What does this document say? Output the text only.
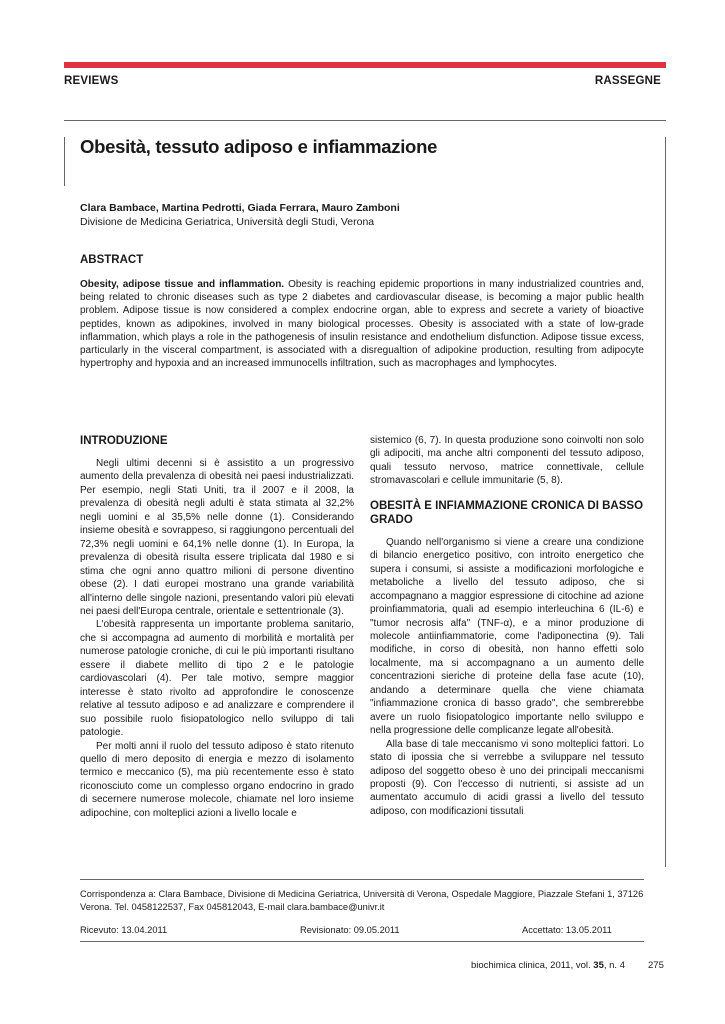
REVIEWS	RASSEGNE
Obesità, tessuto adiposo e infiammazione
Clara Bambace, Martina Pedrotti, Giada Ferrara, Mauro Zamboni
Divisione de Medicina Geriatrica, Università degli Studi, Verona
ABSTRACT
Obesity, adipose tissue and inflammation. Obesity is reaching epidemic proportions in many industrialized countries and, being related to chronic diseases such as type 2 diabetes and cardiovascular disease, is becoming a major public health problem. Adipose tissue is now considered a complex endocrine organ, able to express and secrete a variety of bioactive peptides, known as adipokines, involved in many biological processes. Obesity is associated with a state of low-grade inflammation, which plays a role in the pathogenesis of insulin resistance and endothelium disfunction. Adipose tissue excess, particularly in the visceral compartment, is associated with a disregualtion of adipokine production, resulting from adipocyte hypertrophy and hypoxia and an increased immunocells infiltration, such as macrophages and lymphocytes.
INTRODUZIONE

Negli ultimi decenni si è assistito a un progressivo aumento della prevalenza di obesità nei paesi industrializzati. Per esempio, negli Stati Uniti, tra il 2007 e il 2008, la prevalenza di obesità negli adulti è stata stimata al 32,2% negli uomini e al 35,5% nelle donne (1). Considerando insieme obesità e sovrappeso, si raggiungono percentuali del 72,3% negli uomini e 64,1% nelle donne (1). In Europa, la prevalenza di obesità risulta essere triplicata dal 1980 e si stima che ogni anno quattro milioni di persone diventino obese (2). I dati europei mostrano una grande variabilità all'interno delle singole nazioni, presentando valori più elevati nei paesi dell'Europa centrale, orientale e settentrionale (3).

L'obesità rappresenta un importante problema sanitario, che si accompagna ad aumento di morbilità e mortalità per numerose patologie croniche, di cui le più importanti risultano essere il diabete mellito di tipo 2 e le patologie cardiovascolari (4). Per tale motivo, sempre maggior interesse è stato rivolto ad approfondire le conoscenze relative al tessuto adiposo e ad analizzare e comprendere il suo possibile ruolo fisiopatologico nello sviluppo di tali patologie.

Per molti anni il ruolo del tessuto adiposo è stato ritenuto quello di mero deposito di energia e mezzo di isolamento termico e meccanico (5), ma più recentemente esso è stato riconosciuto come un complesso organo endocrino in grado di secernere numerose molecole, chiamate nel loro insieme adipochine, con molteplici azioni a livello locale e

sistemico (6, 7). In questa produzione sono coinvolti non solo gli adipociti, ma anche altri componenti del tessuto adiposo, quali tessuto nervoso, matrice connettivale, cellule stromavascolari e cellule immunitarie (5, 8).

OBESITÀ E INFIAMMAZIONE CRONICA DI BASSO GRADO

Quando nell'organismo si viene a creare una condizione di bilancio energetico positivo, con introito energetico che supera i consumi, si assiste a modificazioni morfologiche e metaboliche a livello del tessuto adiposo, che si accompagnano a maggior espressione di citochine ad azione proinfiammatoria, quali ad esempio interleuchina 6 (IL-6) e "tumor necrosis alfa" (TNF-α), e a minor produzione di molecole antiinfiammatorie, come l'adiponectina (9). Tali modifiche, in corso di obesità, non hanno effetti solo localmente, ma si accompagnano a un aumento delle concentrazioni sieriche di proteine della fase acute (10), andando a determinare quella che viene chiamata "infiammazione cronica di basso grado", che sembrerebbe avere un ruolo fisiopatologico importante nello sviluppo e nella progressione delle complicanze legate all'obesità.

Alla base di tale meccanismo vi sono molteplici fattori. Lo stato di ipossia che si verrebbe a sviluppare nel tessuto adiposo del soggetto obeso è uno dei principali meccanismi proposti (9). Con l'eccesso di nutrienti, si assiste ad un aumentato accumulo di acidi grassi a livello del tessuto adiposo, con modificazioni tissutali

Corrispondenza a: Clara Bambace, Divisione di Medicina Geriatrica, Università di Verona, Ospedale Maggiore, Piazzale Stefani 1, 37126 Verona. Tel. 0458122537, Fax 045812043, E-mail clara.bambace@univr.it
Ricevuto: 13.04.2011	Revisionato: 09.05.2011	Accettato: 13.05.2011
biochimica clinica, 2011, vol. 35, n. 4 275
